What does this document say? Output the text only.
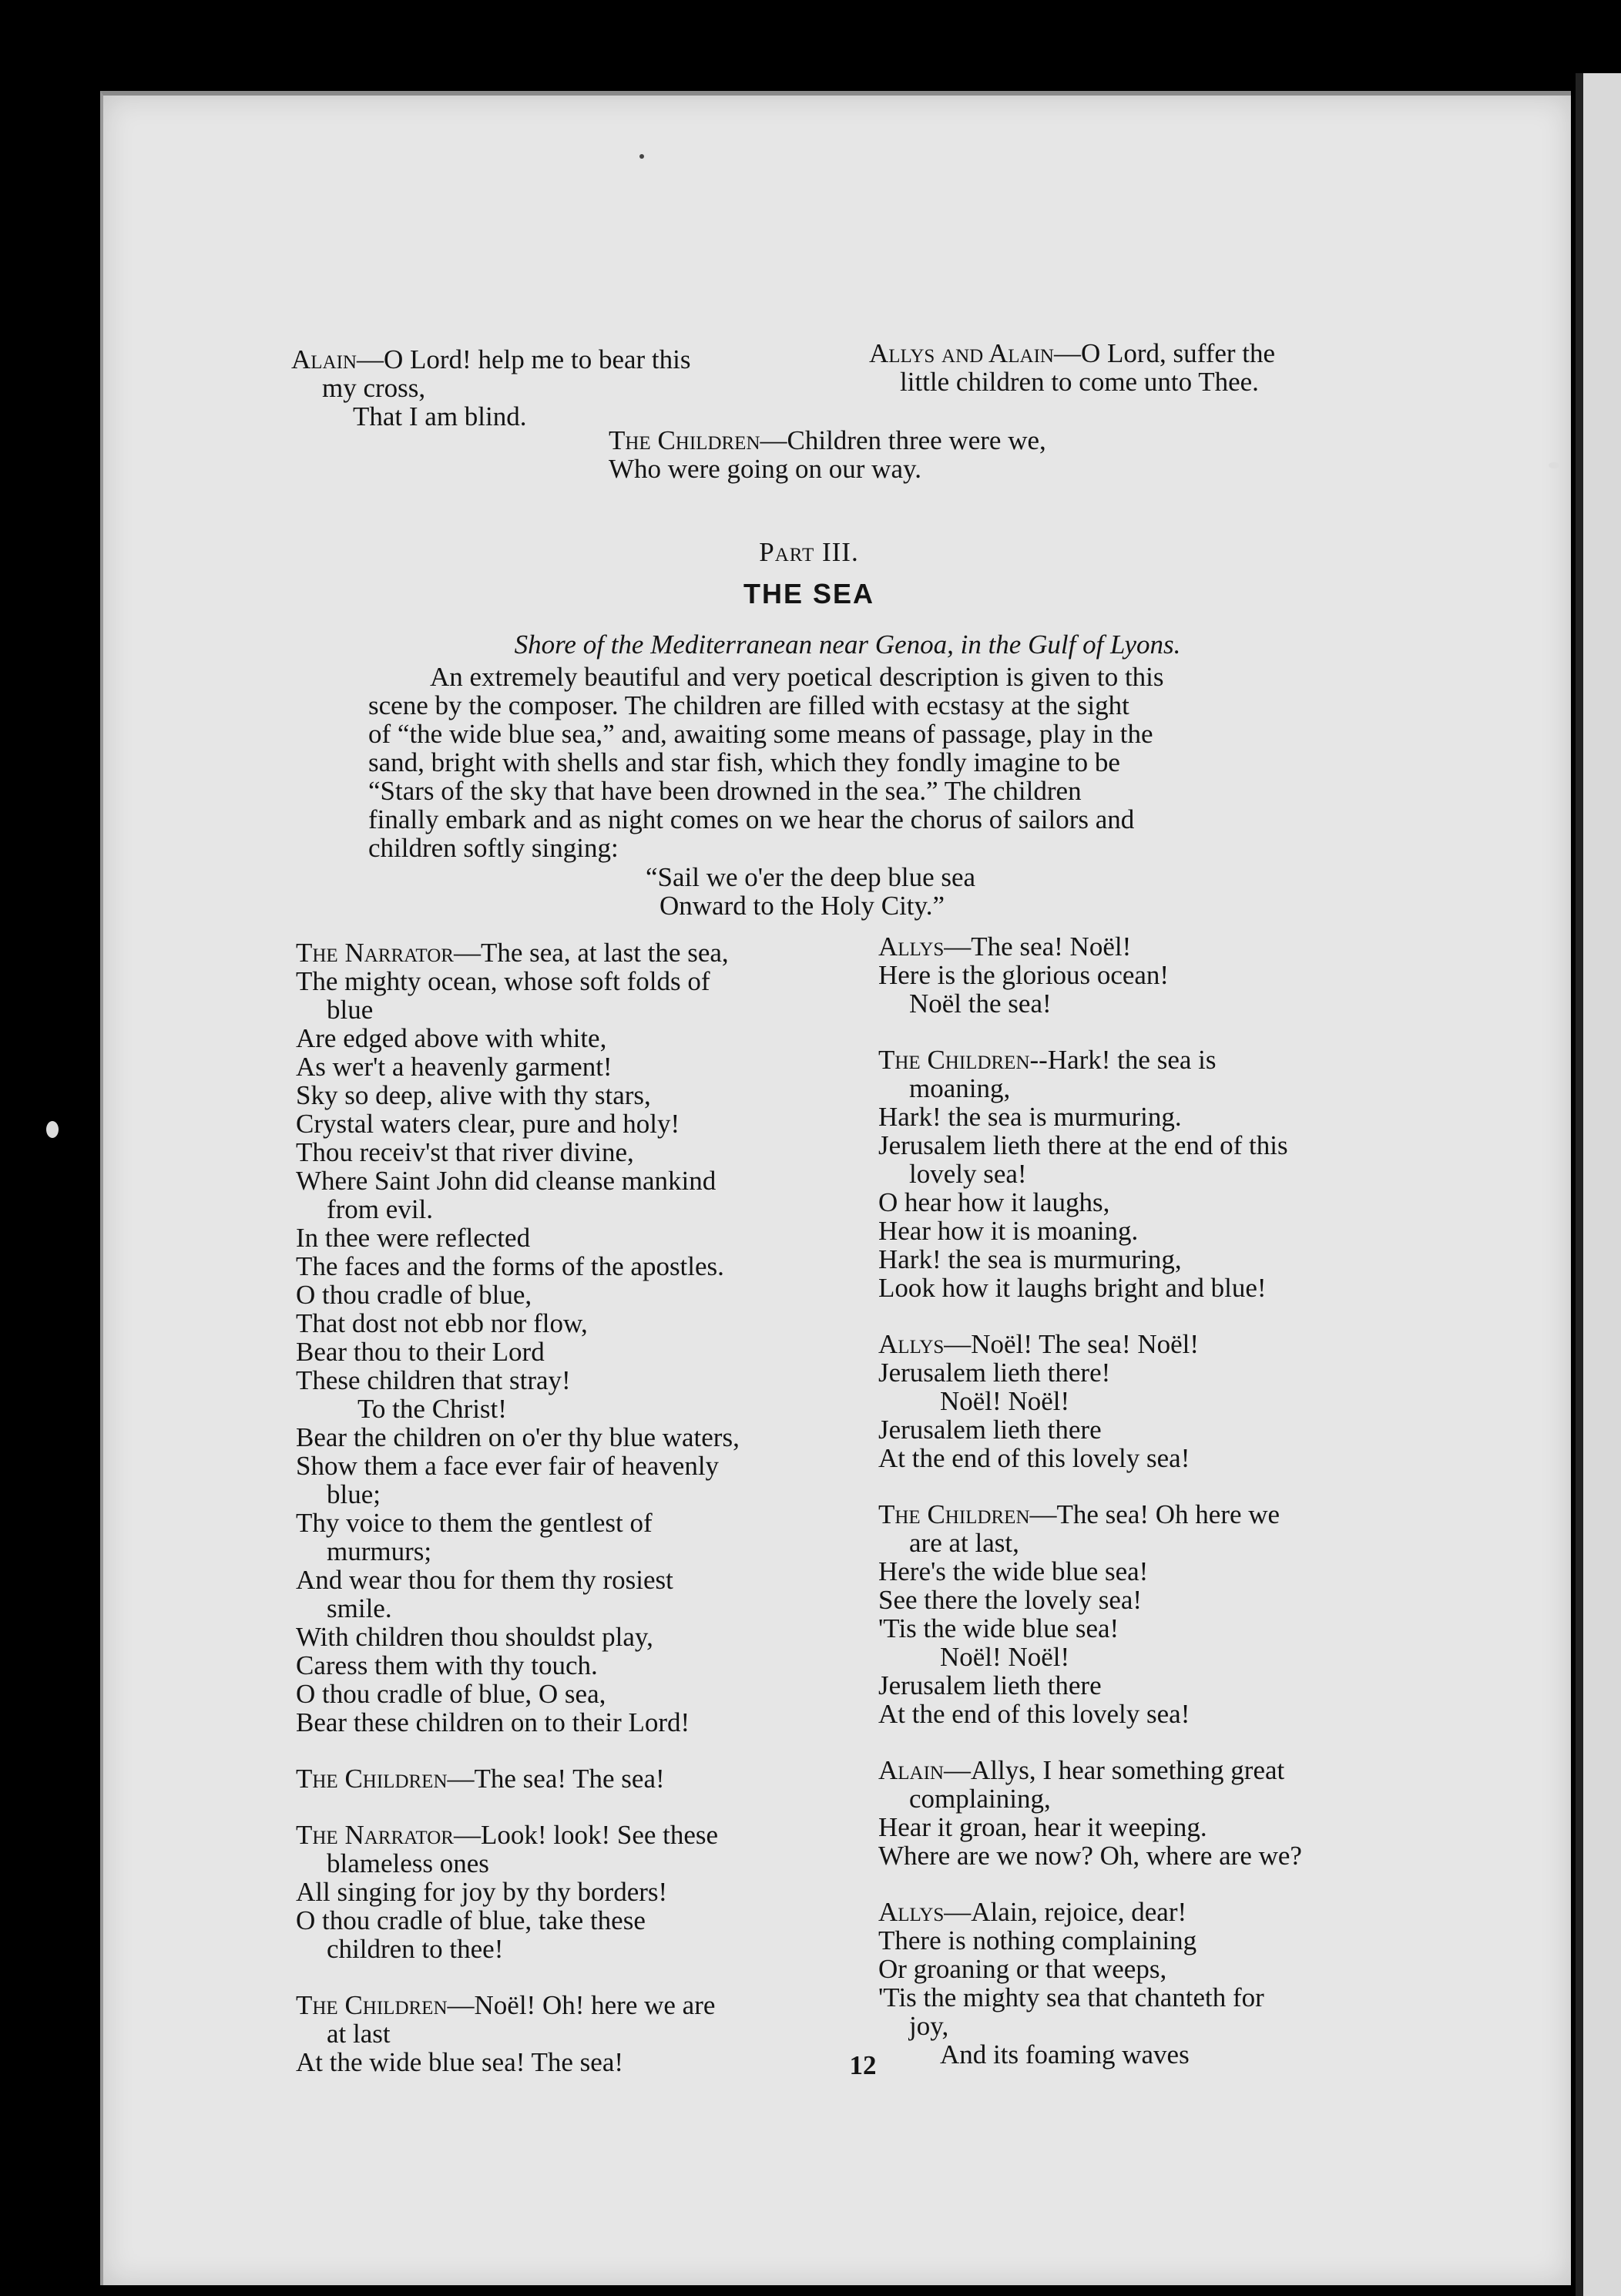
Alain—O Lord! help me to bear this
my cross,
That I am blind.
Allys and Alain—O Lord, suffer the
little children to come unto Thee.
The Children—Children three were we,
Who were going on our way.
Part III.
THE SEA
Shore of the Mediterranean near Genoa, in the Gulf of Lyons.
An extremely beautiful and very poetical description is given to this
scene by the composer. The children are filled with ecstasy at the sight
of “the wide blue sea,” and, awaiting some means of passage, play in the
sand, bright with shells and star fish, which they fondly imagine to be
“Stars of the sky that have been drowned in the sea.” The children
finally embark and as night comes on we hear the chorus of sailors and
children softly singing:
“Sail we o'er the deep blue sea
Onward to the Holy City.”
The Narrator—The sea, at last the sea,
The mighty ocean, whose soft folds of
blue
Are edged above with white,
As wer't a heavenly garment!
Sky so deep, alive with thy stars,
Crystal waters clear, pure and holy!
Thou receiv'st that river divine,
Where Saint John did cleanse mankind
from evil.
In thee were reflected
The faces and the forms of the apostles.
O thou cradle of blue,
That dost not ebb nor flow,
Bear thou to their Lord
These children that stray!
To the Christ!
Bear the children on o'er thy blue waters,
Show them a face ever fair of heavenly
blue;
Thy voice to them the gentlest of
murmurs;
And wear thou for them thy rosiest
smile.
With children thou shouldst play,
Caress them with thy touch.
O thou cradle of blue, O sea,
Bear these children on to their Lord!
The Children—The sea! The sea!
The Narrator—Look! look! See these
blameless ones
All singing for joy by thy borders!
O thou cradle of blue, take these
children to thee!
The Children—Noël! Oh! here we are
at last
At the wide blue sea! The sea!
Allys—The sea! Noël!
Here is the glorious ocean!
Noël the sea!
The Children--Hark! the sea is
moaning,
Hark! the sea is murmuring.
Jerusalem lieth there at the end of this
lovely sea!
O hear how it laughs,
Hear how it is moaning.
Hark! the sea is murmuring,
Look how it laughs bright and blue!
Allys—Noël! The sea! Noël!
Jerusalem lieth there!
Noël! Noël!
Jerusalem lieth there
At the end of this lovely sea!
The Children—The sea! Oh here we
are at last,
Here's the wide blue sea!
See there the lovely sea!
'Tis the wide blue sea!
Noël! Noël!
Jerusalem lieth there
At the end of this lovely sea!
Alain—Allys, I hear something great
complaining,
Hear it groan, hear it weeping.
Where are we now? Oh, where are we?
Allys—Alain, rejoice, dear!
There is nothing complaining
Or groaning or that weeps,
'Tis the mighty sea that chanteth for
joy,
And its foaming waves
12
